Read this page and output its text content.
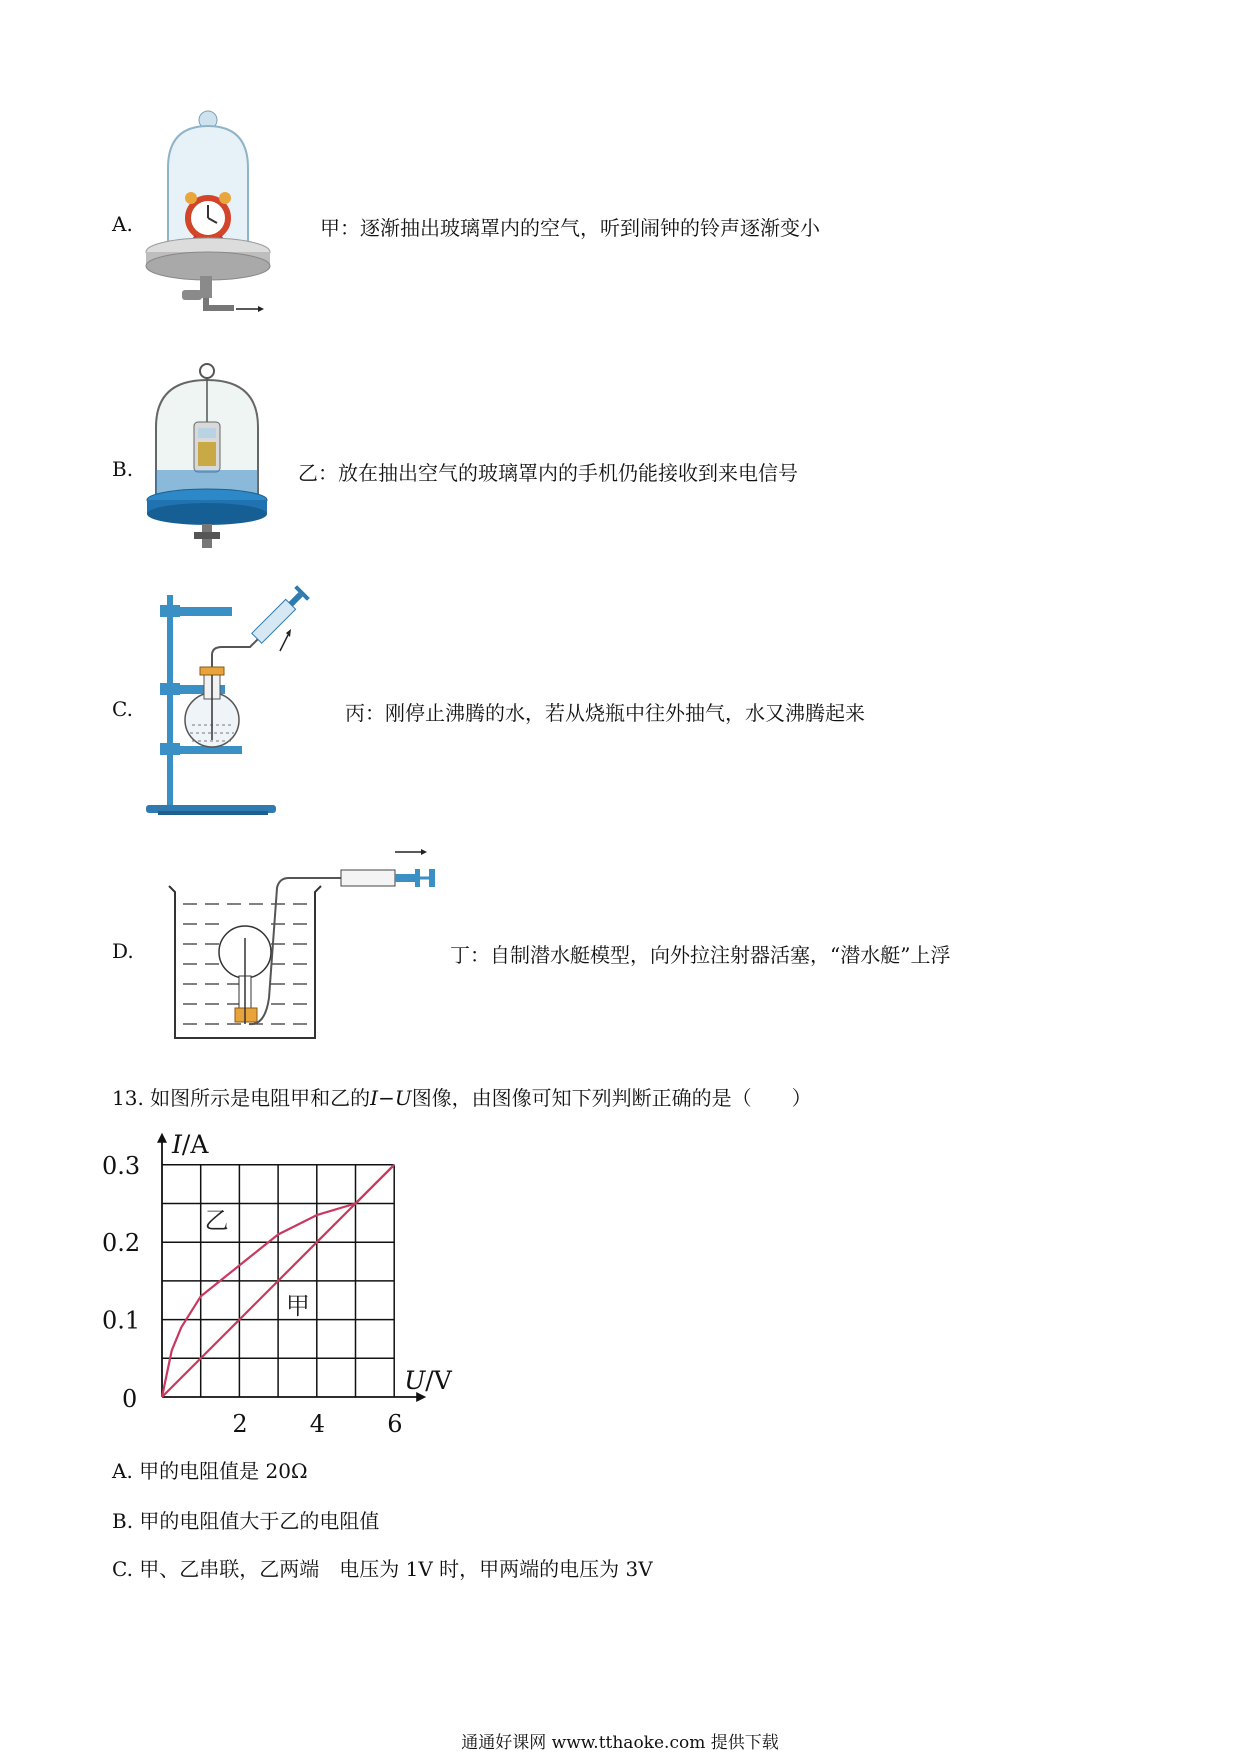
A.	甲：逐渐抽出玻璃罩内的空气，听到闹钟的铃声逐渐变小
B.	乙：放在抽出空气的玻璃罩内的手机仍能接收到来电信号
C.	丙：刚停止沸腾的水，若从烧瓶中往外抽气，水又沸腾起来
D.	丁：自制潜水艇模型，向外拉注射器活塞，“潜水艇”上浮
13. 如图所示是电阻甲和乙的I−U图像，由图像可知下列判断正确的是（　　）
甲
乙
2	4	6
0.1
0.2
0.3
0
I/A
U/V
A. 甲的电阻值是 20Ω
B. 甲的电阻值大于乙的电阻值
C. 甲、乙串联，乙两端　电压为 1V 时，甲两端的电压为 3V
通通好课网 www.tthaoke.com 提供下载
